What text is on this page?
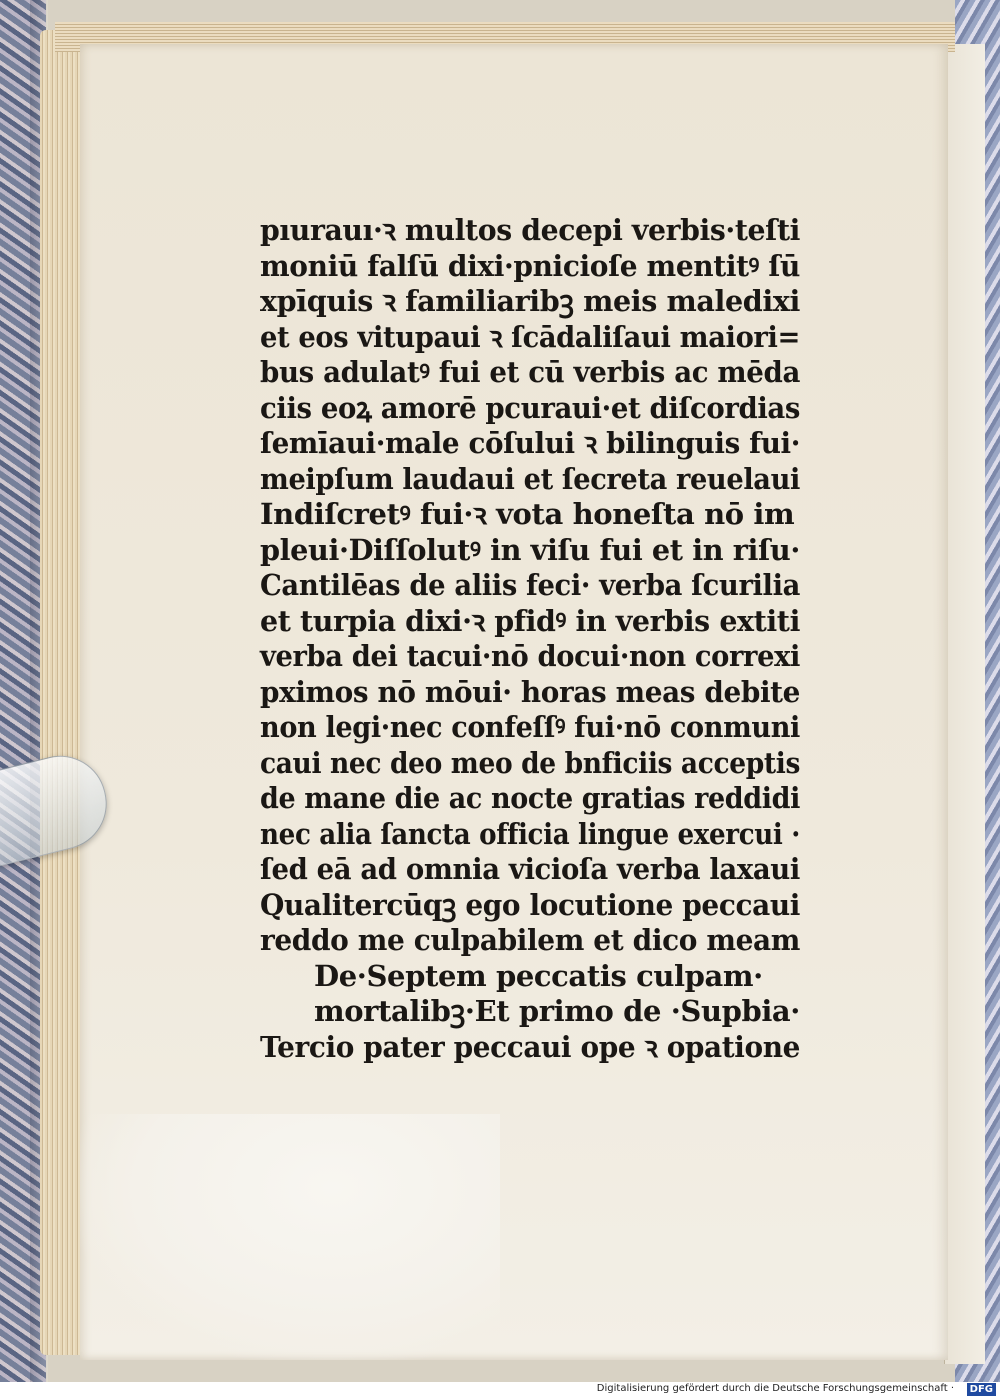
pıurauı·ꝛ multos decepi verbis·teſti
moniū falſū dixi·pnicioſe mentitꝰ ſū
xpīquis ꝛ familiaribꝫ meis maledixi
et eos vitupaui ꝛ ſcādaliſaui maiori=
bus adulatꝰ fui et cū verbis ac mēda
ciis eoꝝ amorē pcuraui·et diſcordias
ſemīaui·male cōſului ꝛ bilinguis fui·
meipſum laudaui et ſecreta reuelaui
Indiſcretꝰ fui·ꝛ vota honeſta nō im
pleui·Diſſolutꝰ in viſu fui et in riſu·
Cantilēas de aliis feci· verba ſcurilia
et turpia dixi·ꝛ pfidꝰ in verbis extiti
verba dei tacui·nō docui·non correxi
pximos nō mōui· horas meas debite
non legi·nec confeſſꝰ fui·nō conmuni
caui nec deo meo de bnficiis acceptis
de mane die ac nocte gratias reddidi
nec alia ſancta officia lingue exercui ·
ſed eā ad omnia vicioſa verba laxaui
Qualitercūqꝫ ego locutione peccaui
reddo me culpabilem et dico meam
De·Septem peccatis culpam·
mortalibꝫ·Et primo de ·Supbia·
Tercio pater peccaui ope ꝛ opatione
Digitalisierung gefördert durch die Deutsche Forschungsgemeinschaft ·	DFG
